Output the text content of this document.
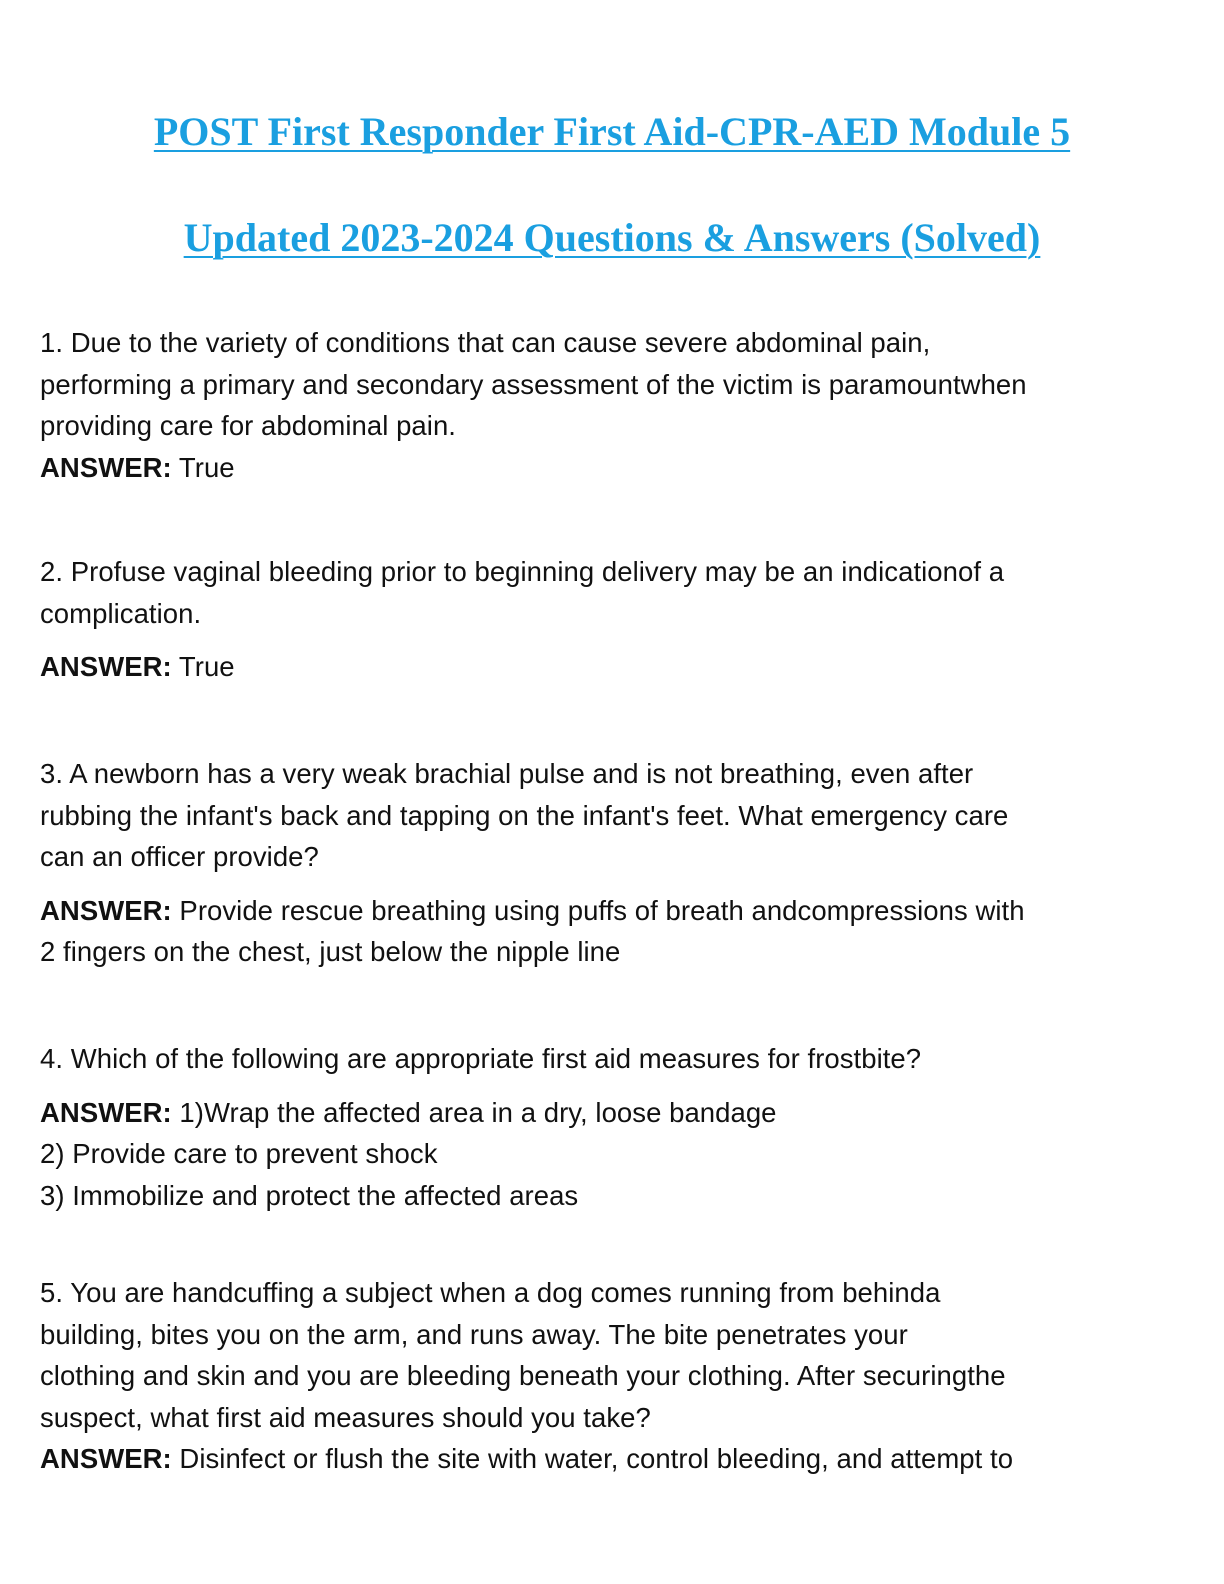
POST First Responder First Aid-CPR-AED Module 5
Updated 2023-2024 Questions & Answers (Solved)

1. Due to the variety of conditions that can cause severe abdominal pain,
performing a primary and secondary assessment of the victim is paramountwhen
providing care for abdominal pain.

ANSWER: True

2. Profuse vaginal bleeding prior to beginning delivery may be an indicationof a
complication.

ANSWER: True

3. A newborn has a very weak brachial pulse and is not breathing, even after
rubbing the infant's back and tapping on the infant's feet. What emergency care
can an officer provide?

ANSWER: Provide rescue breathing using puffs of breath andcompressions with
2 fingers on the chest, just below the nipple line

4. Which of the following are appropriate first aid measures for frostbite?

ANSWER: 1)Wrap the affected area in a dry, loose bandage
2) Provide care to prevent shock
3) Immobilize and protect the affected areas

5. You are handcuffing a subject when a dog comes running from behinda
building, bites you on the arm, and runs away. The bite penetrates your
clothing and skin and you are bleeding beneath your clothing. After securingthe
suspect, what first aid measures should you take?

ANSWER: Disinfect or flush the site with water, control bleeding, and attempt to
